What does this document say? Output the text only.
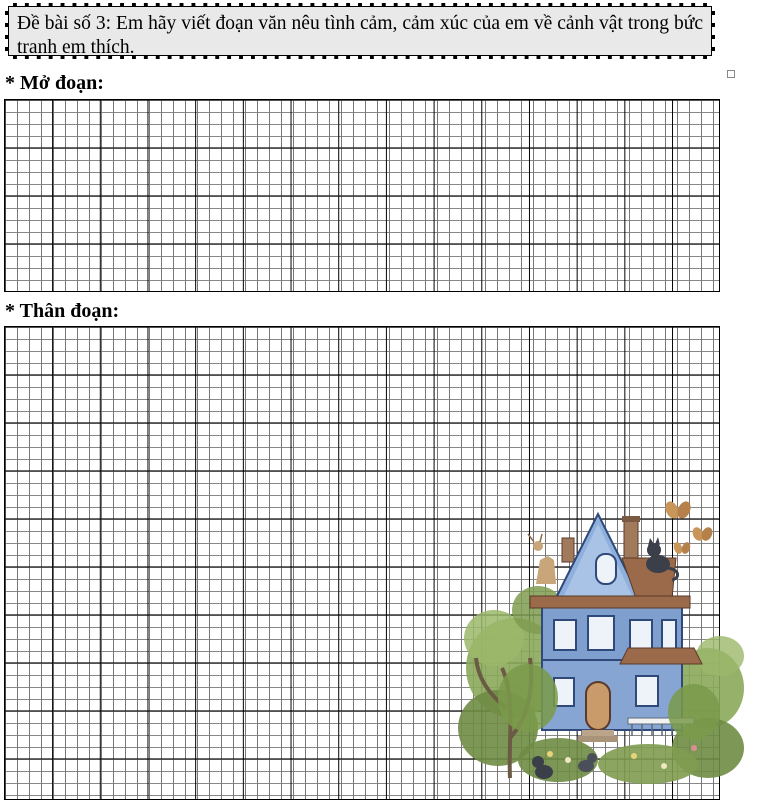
Đề bài số 3: Em hãy viết đoạn văn nêu tình cảm, cảm xúc của em về cảnh vật trong bức tranh em thích.
* Mở đoạn:
* Thân đoạn:
